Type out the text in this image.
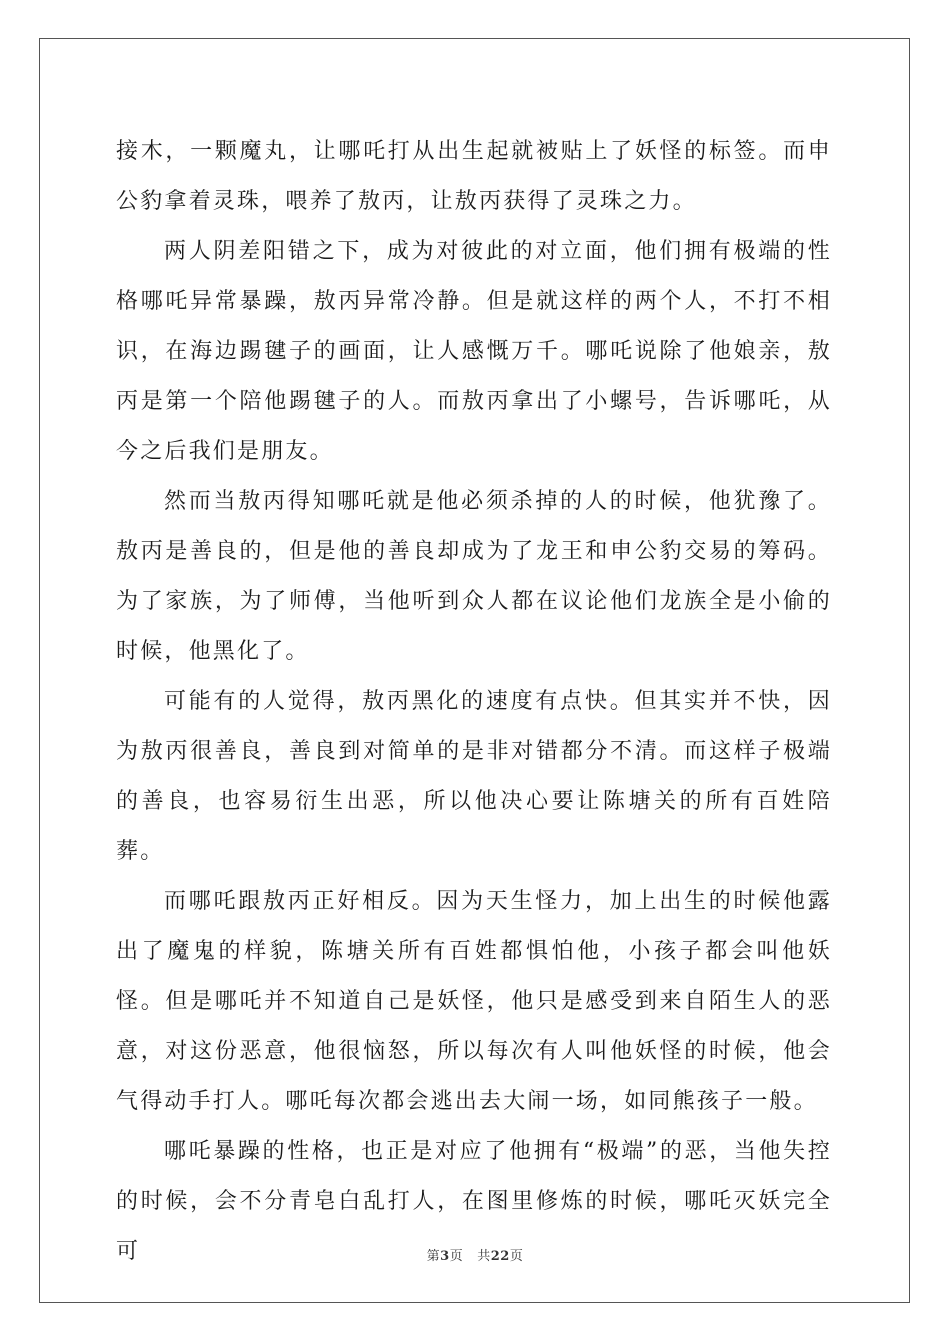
接木，一颗魔丸，让哪吒打从出生起就被贴上了妖怪的标签。而申公豹拿着灵珠，喂养了敖丙，让敖丙获得了灵珠之力。

两人阴差阳错之下，成为对彼此的对立面，他们拥有极端的性格哪吒异常暴躁，敖丙异常冷静。但是就这样的两个人，不打不相识，在海边踢毽子的画面，让人感慨万千。哪吒说除了他娘亲，敖丙是第一个陪他踢毽子的人。而敖丙拿出了小螺号，告诉哪吒，从今之后我们是朋友。

然而当敖丙得知哪吒就是他必须杀掉的人的时候，他犹豫了。敖丙是善良的，但是他的善良却成为了龙王和申公豹交易的筹码。为了家族，为了师傅，当他听到众人都在议论他们龙族全是小偷的时候，他黑化了。

可能有的人觉得，敖丙黑化的速度有点快。但其实并不快，因为敖丙很善良，善良到对简单的是非对错都分不清。而这样子极端的善良，也容易衍生出恶，所以他决心要让陈塘关的所有百姓陪葬。

而哪吒跟敖丙正好相反。因为天生怪力，加上出生的时候他露出了魔鬼的样貌，陈塘关所有百姓都惧怕他，小孩子都会叫他妖怪。但是哪吒并不知道自己是妖怪，他只是感受到来自陌生人的恶意，对这份恶意，他很恼怒，所以每次有人叫他妖怪的时候，他会气得动手打人。哪吒每次都会逃出去大闹一场，如同熊孩子一般。

哪吒暴躁的性格，也正是对应了他拥有“极端”的恶，当他失控的时候，会不分青皂白乱打人，在图里修炼的时候，哪吒灭妖完全可	第3页 共22页
